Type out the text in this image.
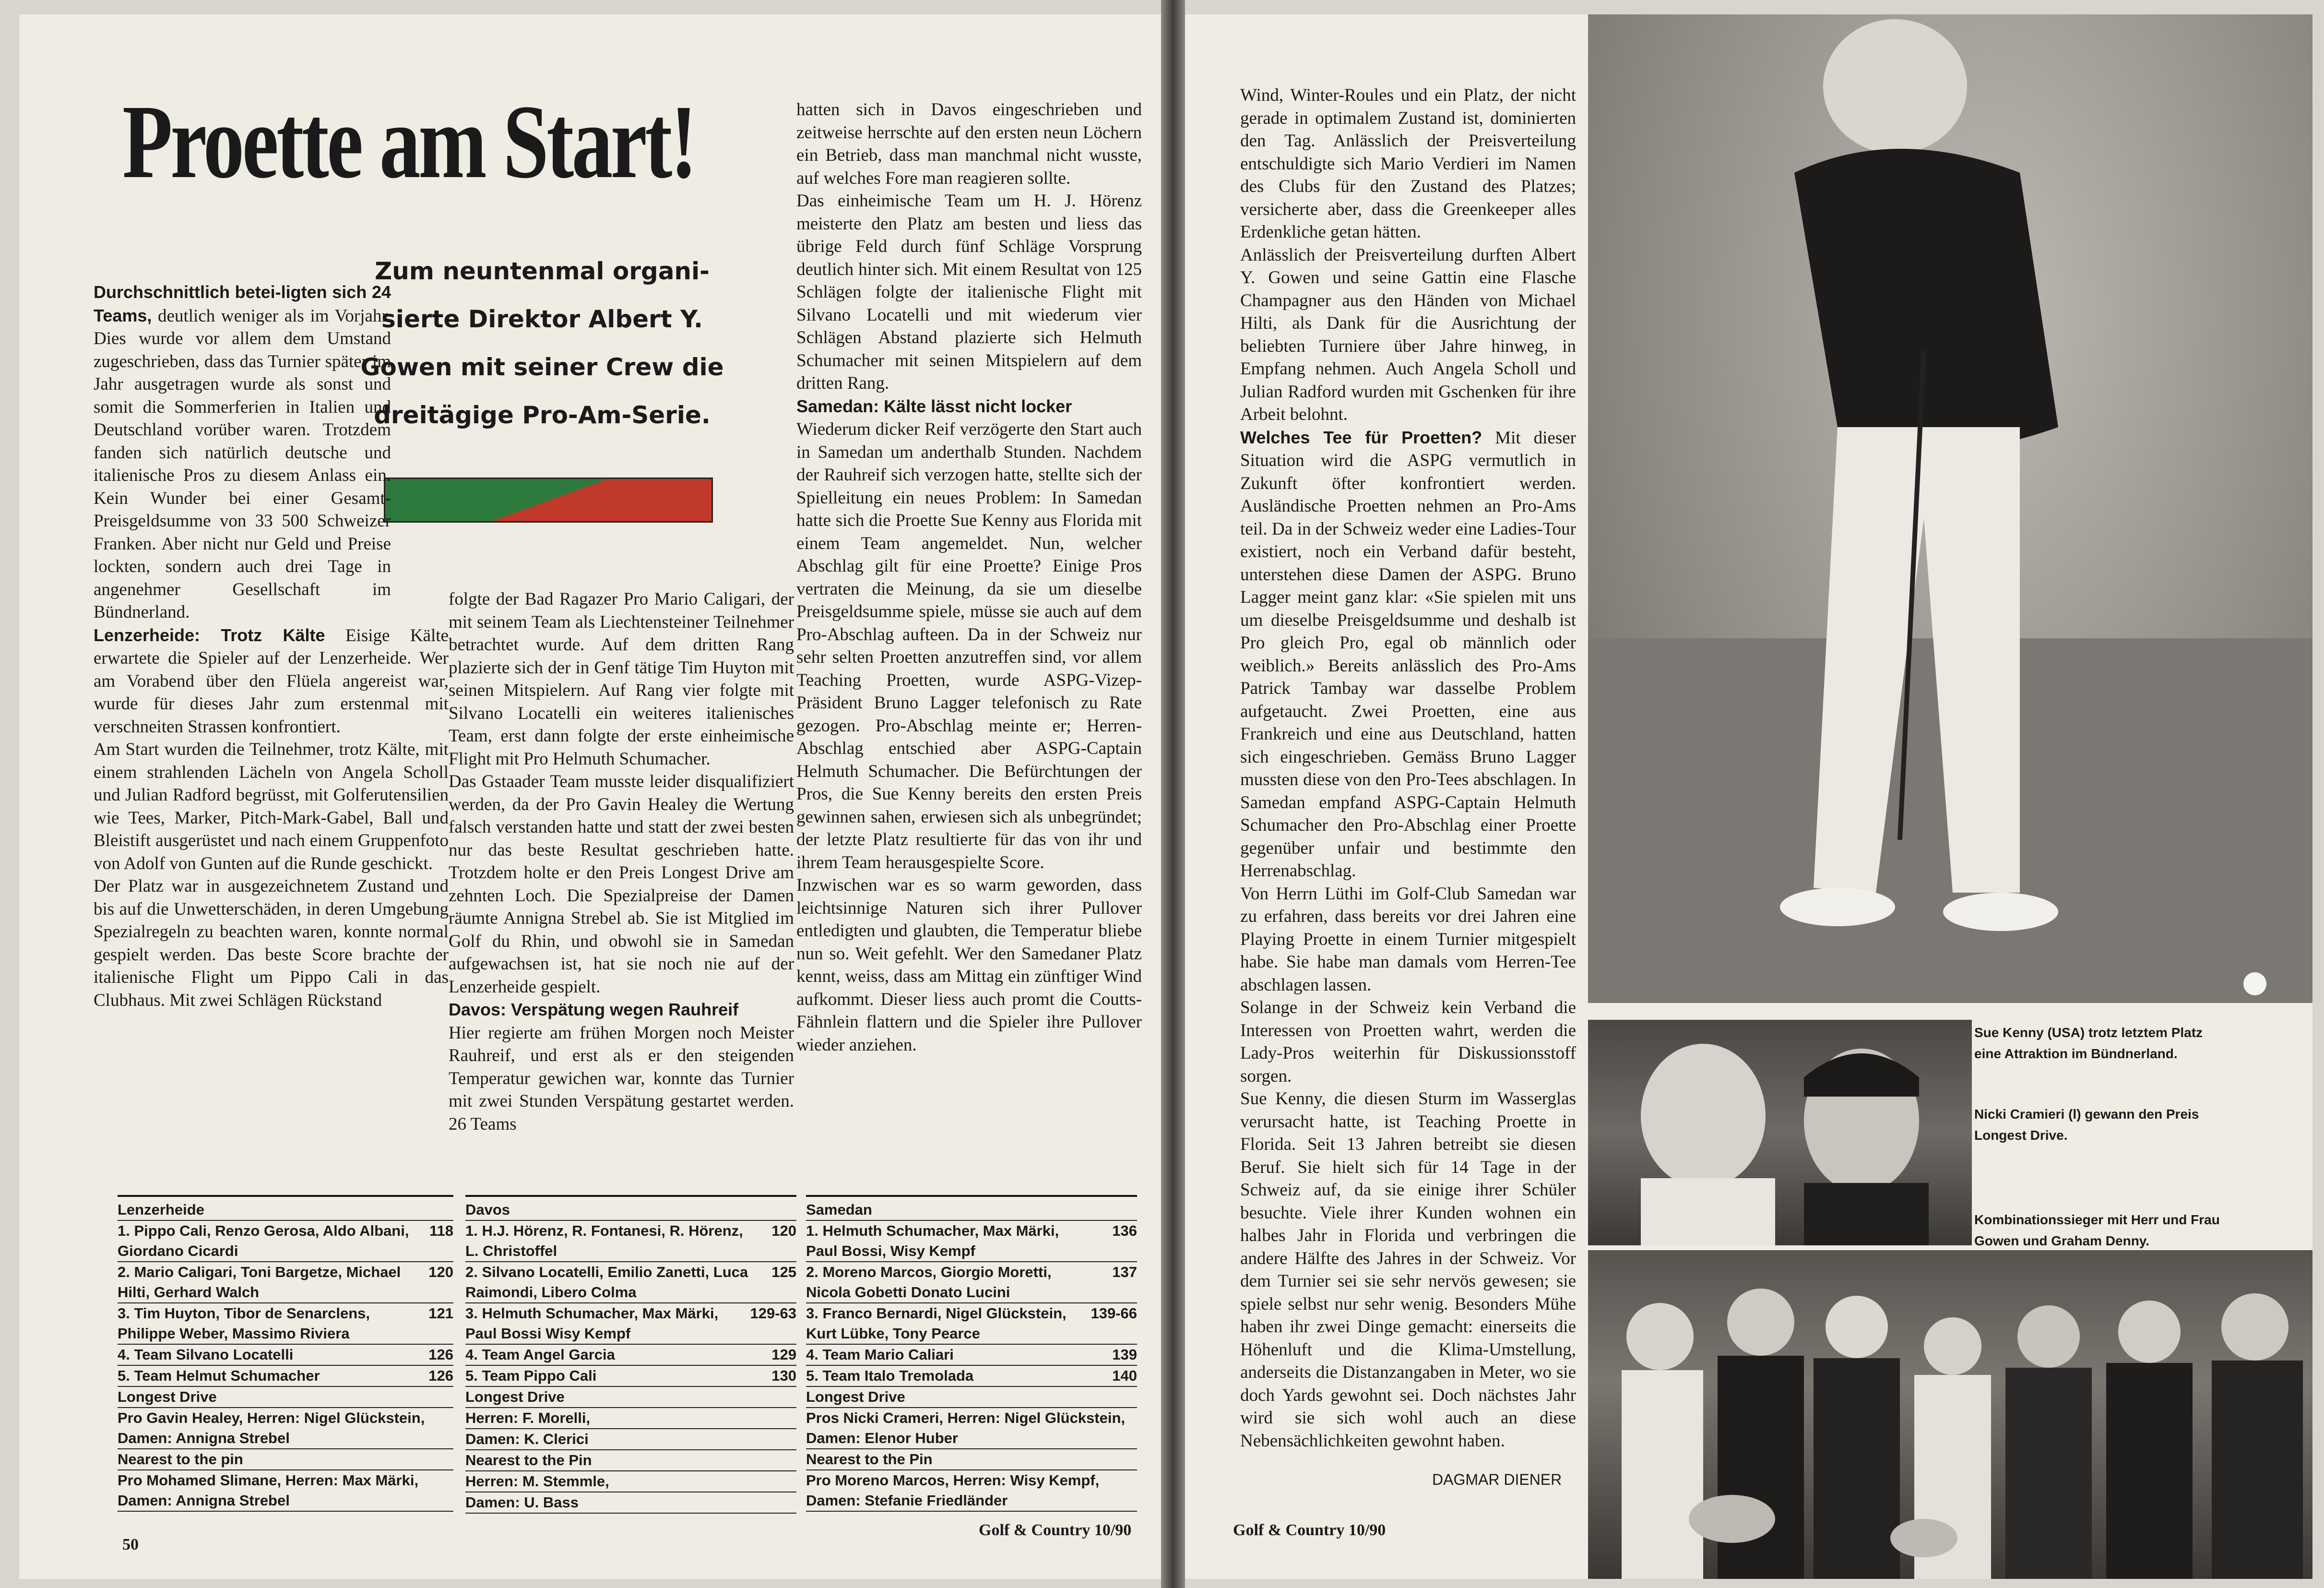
Proette am Start!
Zum neuntenmal organi-
sierte Direktor Albert Y.
Gowen mit seiner Crew die
dreitägige Pro-Am-Serie.

Durchschnittlich betei-ligten sich 24 Teams, deutlich weniger als im Vorjahr. Dies wurde vor allem dem Umstand zugeschrieben, dass das Turnier später im Jahr ausgetragen wurde als sonst und somit die Sommerferien in Italien und Deutschland vorüber waren. Trotzdem fanden sich natürlich deutsche und italienische Pros zu diesem Anlass ein. Kein Wunder bei einer Gesamt-Preisgeldsumme von 33 500 Schweizer Franken. Aber nicht nur Geld und Preise lockten, sondern auch drei Tage in angenehmer Gesellschaft im Bündnerland.

Lenzerheide: Trotz Kälte Eisige Kälte erwartete die Spieler auf der Lenzerheide. Wer am Vorabend über den Flüela angereist war, wurde für dieses Jahr zum erstenmal mit verschneiten Strassen konfrontiert.

Am Start wurden die Teilnehmer, trotz Kälte, mit einem strahlenden Lächeln von Angela Scholl und Julian Radford begrüsst, mit Golferutensilien wie Tees, Marker, Pitch-Mark-Gabel, Ball und Bleistift ausgerüstet und nach einem Gruppenfoto von Adolf von Gunten auf die Runde geschickt.

Der Platz war in ausgezeichnetem Zustand und bis auf die Unwetterschäden, in deren Umgebung Spezialregeln zu beachten waren, konnte normal gespielt werden. Das beste Score brachte der italienische Flight um Pippo Cali in das Clubhaus. Mit zwei Schlägen Rückstand

folgte der Bad Ragazer Pro Mario Caligari, der mit seinem Team als Liechtensteiner Teilnehmer betrachtet wurde. Auf dem dritten Rang plazierte sich der in Genf tätige Tim Huyton mit seinen Mitspielern. Auf Rang vier folgte mit Silvano Locatelli ein weiteres italienisches Team, erst dann folgte der erste einheimische Flight mit Pro Helmuth Schumacher.

Das Gstaader Team musste leider disqualifiziert werden, da der Pro Gavin Healey die Wertung falsch verstanden hatte und statt der zwei besten nur das beste Resultat geschrieben hatte. Trotzdem holte er den Preis Longest Drive am zehnten Loch. Die Spezialpreise der Damen räumte Annigna Strebel ab. Sie ist Mitglied im Golf du Rhin, und obwohl sie in Samedan aufgewachsen ist, hat sie noch nie auf der Lenzerheide gespielt.

Davos: Verspätung wegen Rauhreif

Hier regierte am frühen Morgen noch Meister Rauhreif, und erst als er den steigenden Temperatur gewichen war, konnte das Turnier mit zwei Stunden Verspätung gestartet werden. 26 Teams

hatten sich in Davos eingeschrieben und zeitweise herrschte auf den ersten neun Löchern ein Betrieb, dass man manchmal nicht wusste, auf welches Fore man reagieren sollte.

Das einheimische Team um H. J. Hörenz meisterte den Platz am besten und liess das übrige Feld durch fünf Schläge Vorsprung deutlich hinter sich. Mit einem Resultat von 125 Schlägen folgte der italienische Flight mit Silvano Locatelli und mit wiederum vier Schlägen Abstand plazierte sich Helmuth Schumacher mit seinen Mitspielern auf dem dritten Rang.

Samedan: Kälte lässt nicht locker

Wiederum dicker Reif verzögerte den Start auch in Samedan um anderthalb Stunden. Nachdem der Rauhreif sich verzogen hatte, stellte sich der Spielleitung ein neues Problem: In Samedan hatte sich die Proette Sue Kenny aus Florida mit einem Team angemeldet. Nun, welcher Abschlag gilt für eine Proette? Einige Pros vertraten die Meinung, da sie um dieselbe Preisgeldsumme spiele, müsse sie auch auf dem Pro-Abschlag aufteen. Da in der Schweiz nur sehr selten Proetten anzutreffen sind, vor allem Teaching Proetten, wurde ASPG-Vizep-Präsident Bruno Lagger telefonisch zu Rate gezogen. Pro-Abschlag meinte er; Herren-Abschlag entschied aber ASPG-Captain Helmuth Schumacher. Die Befürchtungen der Pros, die Sue Kenny bereits den ersten Preis gewinnen sahen, erwiesen sich als unbegründet; der letzte Platz resultierte für das von ihr und ihrem Team herausgespielte Score.

Inzwischen war es so warm geworden, dass leichtsinnige Naturen sich ihrer Pullover entledigten und glaubten, die Temperatur bliebe nun so. Weit gefehlt. Wer den Samedaner Platz kennt, weiss, dass am Mittag ein zünftiger Wind aufkommt. Dieser liess auch promt die Coutts-Fähnlein flattern und die Spieler ihre Pullover wieder anziehen.

Lenzerheide
1. Pippo Cali, Renzo Gerosa, Aldo Albani, Giordano Cicardi
118
2. Mario Caligari, Toni Bargetze, Michael Hilti, Gerhard Walch
120
3. Tim Huyton, Tibor de Senarclens, Philippe Weber, Massimo Riviera
121
4. Team Silvano Locatelli	126
5. Team Helmut Schumacher	126
Longest Drive
Pro Gavin Healey, Herren: Nigel Glückstein, Damen: Annigna Strebel
Nearest to the pin
Pro Mohamed Slimane, Herren: Max Märki, Damen: Annigna Strebel
Davos
1. H.J. Hörenz, R. Fontanesi, R. Hörenz, L. Christoffel
120
2. Silvano Locatelli, Emilio Zanetti, Luca Raimondi, Libero Colma
125
3. Helmuth Schumacher, Max Märki, Paul Bossi Wisy Kempf
129-63
4. Team Angel Garcia	129
5. Team Pippo Cali	130
Longest Drive
Herren: F. Morelli,
Damen: K. Clerici
Nearest to the Pin
Herren: M. Stemmle,
Damen: U. Bass
Samedan
1. Helmuth Schumacher, Max Märki, Paul Bossi, Wisy Kempf
136
2. Moreno Marcos, Giorgio Moretti, Nicola Gobetti Donato Lucini
137
3. Franco Bernardi, Nigel Glückstein, Kurt Lübke, Tony Pearce
139-66
4. Team Mario Caliari	139
5. Team Italo Tremolada	140
Longest Drive
Pros Nicki Crameri, Herren: Nigel Glückstein, Damen: Elenor Huber
Nearest to the Pin
Pro Moreno Marcos, Herren: Wisy Kempf, Damen: Stefanie Friedländer
50
Golf & Country 10/90

Wind, Winter-Roules und ein Platz, der nicht gerade in optimalem Zustand ist, dominierten den Tag. Anlässlich der Preisverteilung entschuldigte sich Mario Verdieri im Namen des Clubs für den Zustand des Platzes; versicherte aber, dass die Greenkeeper alles Erdenkliche getan hätten.

Anlässlich der Preisverteilung durften Albert Y. Gowen und seine Gattin eine Flasche Champagner aus den Händen von Michael Hilti, als Dank für die Ausrichtung der beliebten Turniere über Jahre hinweg, in Empfang nehmen. Auch Angela Scholl und Julian Radford wurden mit Gschenken für ihre Arbeit belohnt.

Welches Tee für Proetten? Mit dieser Situation wird die ASPG vermutlich in Zukunft öfter konfrontiert werden. Ausländische Proetten nehmen an Pro-Ams teil. Da in der Schweiz weder eine Ladies-Tour existiert, noch ein Verband dafür besteht, unterstehen diese Damen der ASPG. Bruno Lagger meint ganz klar: «Sie spielen mit uns um dieselbe Preisgeldsumme und deshalb ist Pro gleich Pro, egal ob männlich oder weiblich.» Bereits anlässlich des Pro-Ams Patrick Tambay war dasselbe Problem aufgetaucht. Zwei Proetten, eine aus Frankreich und eine aus Deutschland, hatten sich eingeschrieben. Gemäss Bruno Lagger mussten diese von den Pro-Tees abschlagen. In Samedan empfand ASPG-Captain Helmuth Schumacher den Pro-Abschlag einer Proette gegenüber unfair und bestimmte den Herrenabschlag.

Von Herrn Lüthi im Golf-Club Samedan war zu erfahren, dass bereits vor drei Jahren eine Playing Proette in einem Turnier mitgespielt habe. Sie habe man damals vom Herren-Tee abschlagen lassen.

Solange in der Schweiz kein Verband die Interessen von Proetten wahrt, werden die Lady-Pros weiterhin für Diskussionsstoff sorgen.

Sue Kenny, die diesen Sturm im Wasserglas verursacht hatte, ist Teaching Proette in Florida. Seit 13 Jahren betreibt sie diesen Beruf. Sie hielt sich für 14 Tage in der Schweiz auf, da sie einige ihrer Schüler besuchte. Viele ihrer Kunden wohnen ein halbes Jahr in Florida und verbringen die andere Hälfte des Jahres in der Schweiz. Vor dem Turnier sei sie sehr nervös gewesen; sie spiele selbst nur sehr wenig. Besonders Mühe haben ihr zwei Dinge gemacht: einerseits die Höhenluft und die Klima-Umstellung, anderseits die Distanzangaben in Meter, wo sie doch Yards gewohnt sei. Doch nächstes Jahr wird sie sich wohl auch an diese Nebensächlichkeiten gewohnt haben.

DAGMAR DIENER
Sue Kenny (USA) trotz letztem Platz eine Attraktion im Bündnerland.
Nicki Cramieri (l) gewann den Preis Longest Drive.
Kombinationssieger mit Herr und Frau Gowen und Graham Denny.
Golf & Country 10/90
